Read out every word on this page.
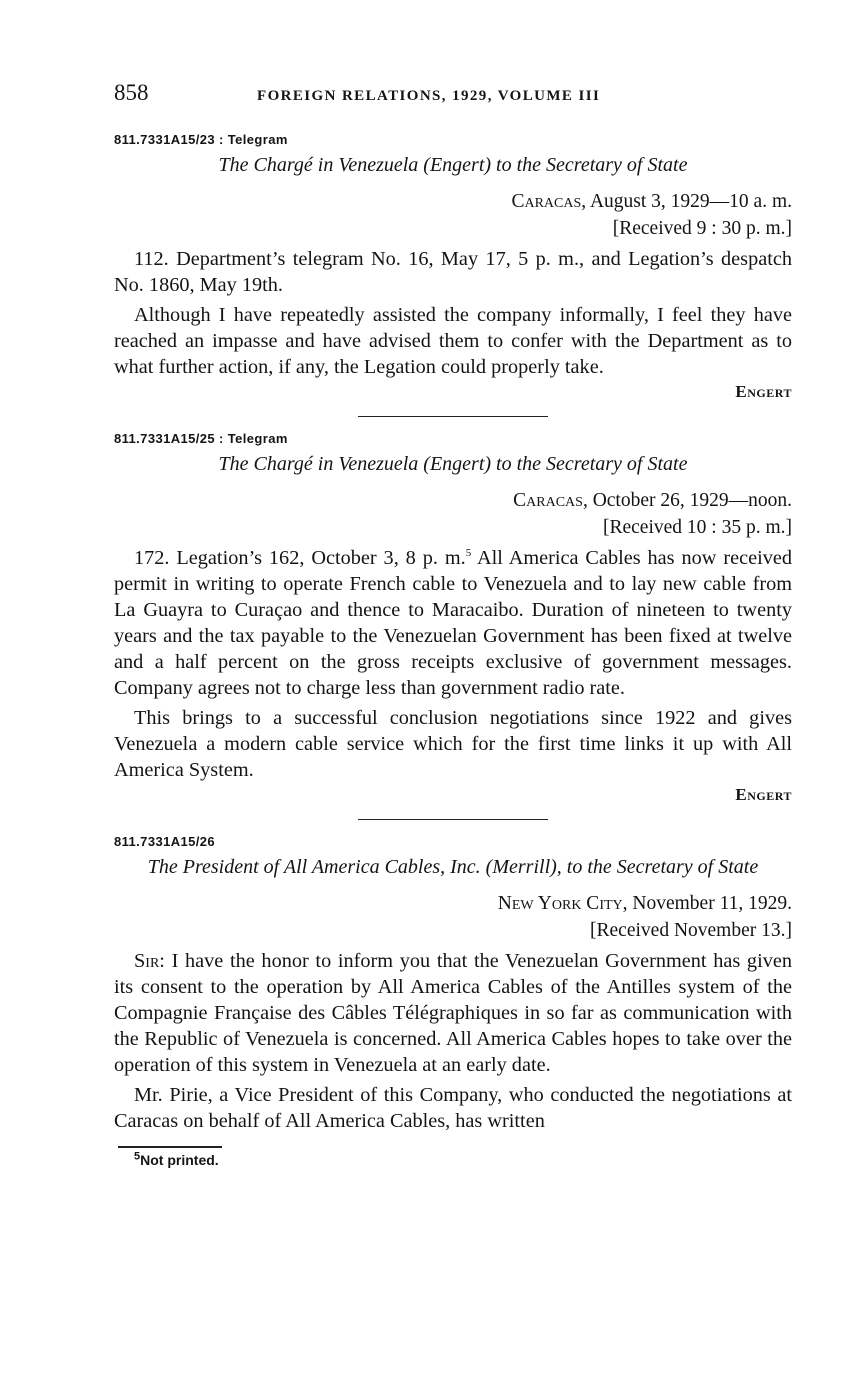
858	FOREIGN RELATIONS, 1929, VOLUME III
811.7331A15/23 : Telegram
The Chargé in Venezuela (Engert) to the Secretary of State
Caracas, August 3, 1929—10 a. m.
[Received 9 : 30 p. m.]

112. Department’s telegram No. 16, May 17, 5 p. m., and Legation’s despatch No. 1860, May 19th.

Although I have repeatedly assisted the company informally, I feel they have reached an impasse and have advised them to confer with the Department as to what further action, if any, the Legation could properly take.

Engert
811.7331A15/25 : Telegram
The Chargé in Venezuela (Engert) to the Secretary of State
Caracas, October 26, 1929—noon.
[Received 10 : 35 p. m.]

172. Legation’s 162, October 3, 8 p. m.$^5$ All America Cables has now received permit in writing to operate French cable to Venezuela and to lay new cable from La Guayra to Curaçao and thence to Maracaibo. Duration of nineteen to twenty years and the tax payable to the Venezuelan Government has been fixed at twelve and a half percent on the gross receipts exclusive of government messages. Company agrees not to charge less than government radio rate.

This brings to a successful conclusion negotiations since 1922 and gives Venezuela a modern cable service which for the first time links it up with All America System.

Engert
811.7331A15/26
The President of All America Cables, Inc. (Merrill), to the Secretary of State
New York City, November 11, 1929.
[Received November 13.]

Sir: I have the honor to inform you that the Venezuelan Government has given its consent to the operation by All America Cables of the Antilles system of the Compagnie Française des Câbles Télégraphiques in so far as communication with the Republic of Venezuela is concerned. All America Cables hopes to take over the operation of this system in Venezuela at an early date.

Mr. Pirie, a Vice President of this Company, who conducted the negotiations at Caracas on behalf of All America Cables, has written

$^5$Not printed.
